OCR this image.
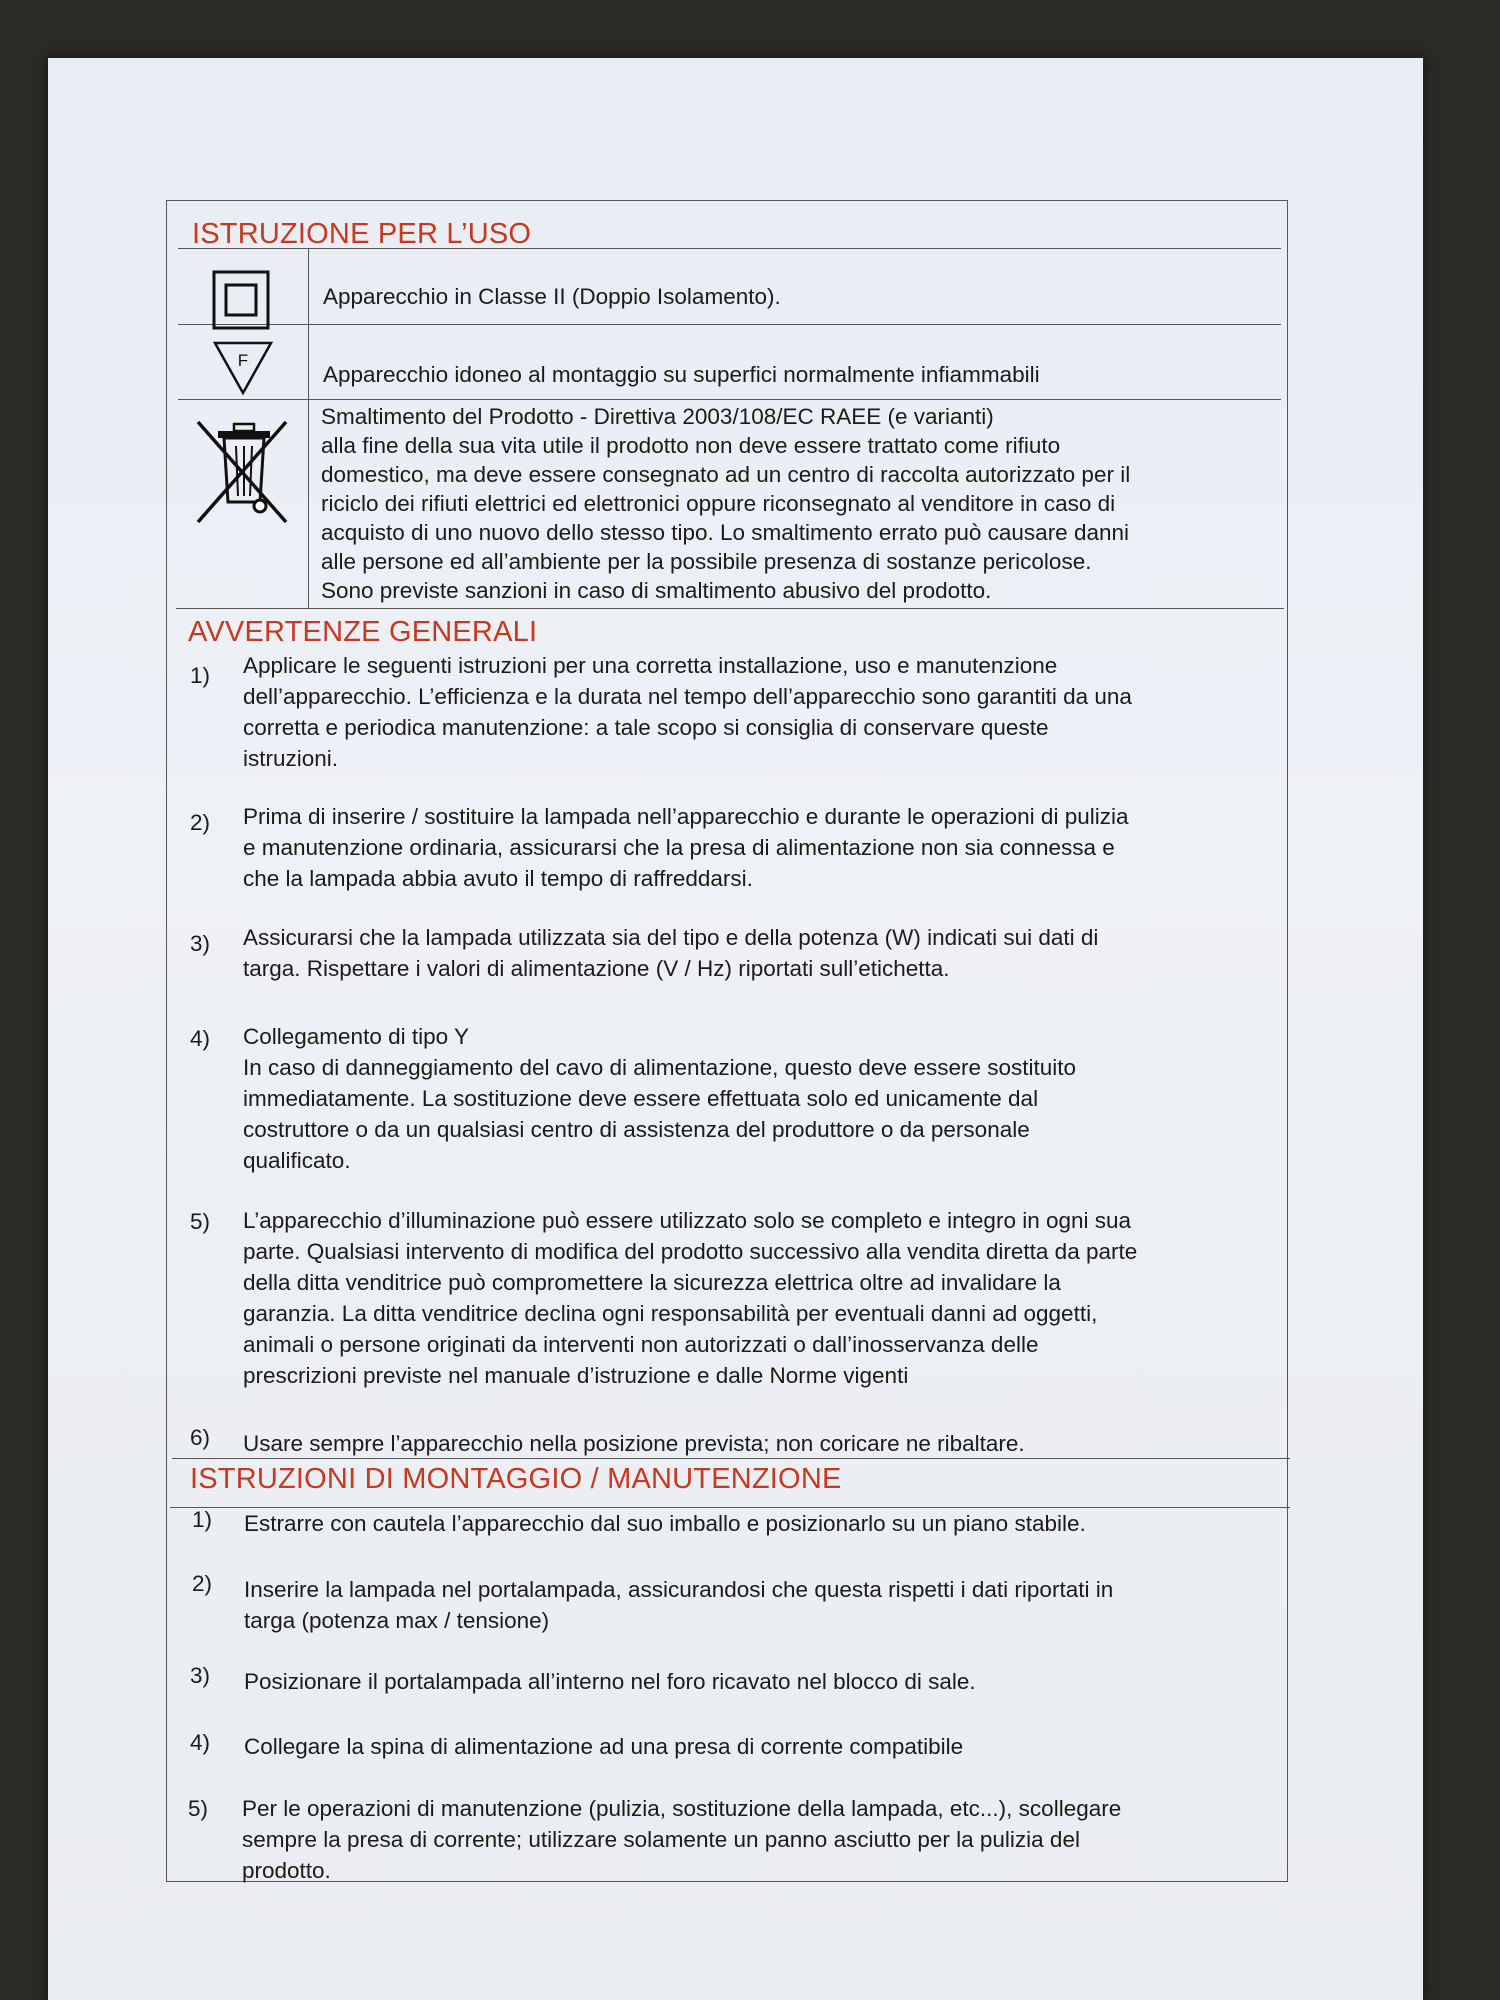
ISTRUZIONE PER L’USO
Apparecchio in Classe II (Doppio Isolamento).
F
Apparecchio idoneo al montaggio su superfici normalmente infiammabili
Smaltimento del Prodotto - Direttiva 2003/108/EC RAEE (e varianti)
alla fine della sua vita utile il prodotto non deve essere trattato come rifiuto
domestico, ma deve essere consegnato ad un centro di raccolta autorizzato per il
riciclo dei rifiuti elettrici ed elettronici oppure riconsegnato al venditore in caso di
acquisto di uno nuovo dello stesso tipo. Lo smaltimento errato può causare danni
alle persone ed all’ambiente per la possibile presenza di sostanze pericolose.
Sono previste sanzioni in caso di smaltimento abusivo del prodotto.
AVVERTENZE GENERALI
1) Applicare le seguenti istruzioni per una corretta installazione, uso e manutenzione
dell’apparecchio. L’efficienza e la durata nel tempo dell’apparecchio sono garantiti da una
corretta e periodica manutenzione: a tale scopo si consiglia di conservare queste
istruzioni.
2) Prima di inserire / sostituire la lampada nell’apparecchio e durante le operazioni di pulizia
e manutenzione ordinaria, assicurarsi che la presa di alimentazione non sia connessa e
che la lampada abbia avuto il tempo di raffreddarsi.
3) Assicurarsi che la lampada utilizzata sia del tipo e della potenza (W) indicati sui dati di
targa. Rispettare i valori di alimentazione (V / Hz) riportati sull’etichetta.
4) Collegamento di tipo Y
In caso di danneggiamento del cavo di alimentazione, questo deve essere sostituito
immediatamente. La sostituzione deve essere effettuata solo ed unicamente dal
costruttore o da un qualsiasi centro di assistenza del produttore o da personale
qualificato.
5) L’apparecchio d’illuminazione può essere utilizzato solo se completo e integro in ogni sua
parte. Qualsiasi intervento di modifica del prodotto successivo alla vendita diretta da parte
della ditta venditrice può compromettere la sicurezza elettrica oltre ad invalidare la
garanzia. La ditta venditrice declina ogni responsabilità per eventuali danni ad oggetti,
animali o persone originati da interventi non autorizzati o dall’inosservanza delle
prescrizioni previste nel manuale d’istruzione e dalle Norme vigenti
6) Usare sempre l’apparecchio nella posizione prevista; non coricare ne ribaltare.
ISTRUZIONI DI MONTAGGIO / MANUTENZIONE
1) Estrarre con cautela l’apparecchio dal suo imballo e posizionarlo su un piano stabile.
2) Inserire la lampada nel portalampada, assicurandosi che questa rispetti i dati riportati in
targa (potenza max / tensione)
3) Posizionare il portalampada all’interno nel foro ricavato nel blocco di sale.
4) Collegare la spina di alimentazione ad una presa di corrente compatibile
5) Per le operazioni di manutenzione (pulizia, sostituzione della lampada, etc...), scollegare
sempre la presa di corrente; utilizzare solamente un panno asciutto per la pulizia del
prodotto.
